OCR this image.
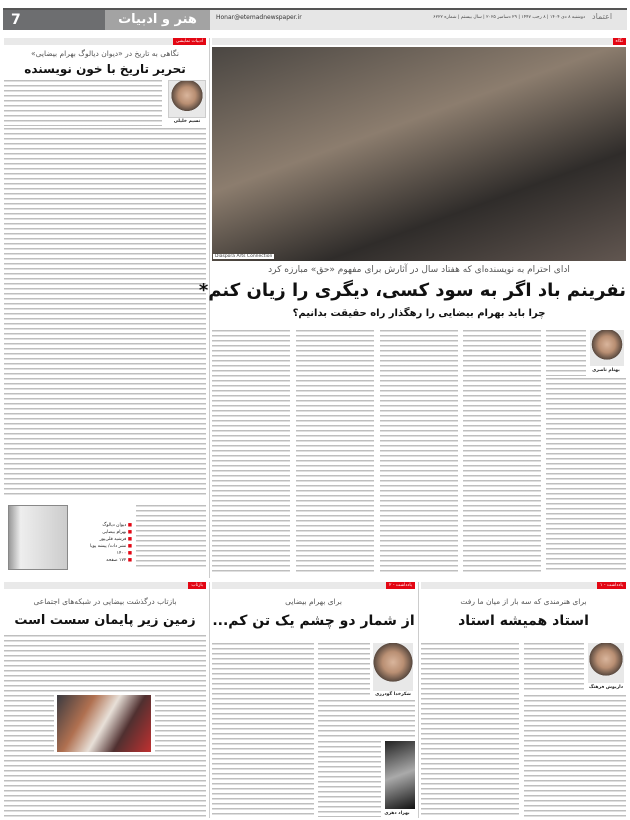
7	هنر و ادبیات	Honar@etemadnewspaper.ir	دوشنبه ۸ دی ۱۴۰۴ | ۸ رجب ۱۴۴۷ | ۲۹ دسامبر ۲۰۲۵ | سال بیستم | شماره ۶۲۲۲ اعتماد
ادبیات نمایشی
نگاهی به تاریخ در «دیوان دیالوگ بهرام بیضایی»
تحریر تاریخ با خون نویسنده
نسیم خلیلی
■ دیوان دیالوگ
■ بهرام بیضایی
■ فرشید قلی‌پور
■ نشر دات/ پیشه پویا
■ ۱۴۰۰
■ ۱۷۲ صفحه
نگاه
Diaspora Arts Connection
ادای احترام به نویسنده‌ای که هفتاد سال در آثارش برای مفهوم «حق» مبارزه کرد
نفرینم باد اگر به سود کسی، دیگری را زیان کنم*
چرا باید بهرام بیضایی را رهگذار راه حقیقت بدانیم؟
بهنام ناصری
یادداشت - ۱
برای هنرمندی که سه بار از میان ما رفت
استاد همیشه استاد
داریوش فرهنگ
یادداشت - ۲
برای بهرام بیضایی
از شمار دو چشم یک تن کم...
شکرخدا گودرزی
بهزاد دهری
بازتاب
بازتاب درگذشت بیضایی در شبکه‌های اجتماعی
زمین زیر پایمان سست است
